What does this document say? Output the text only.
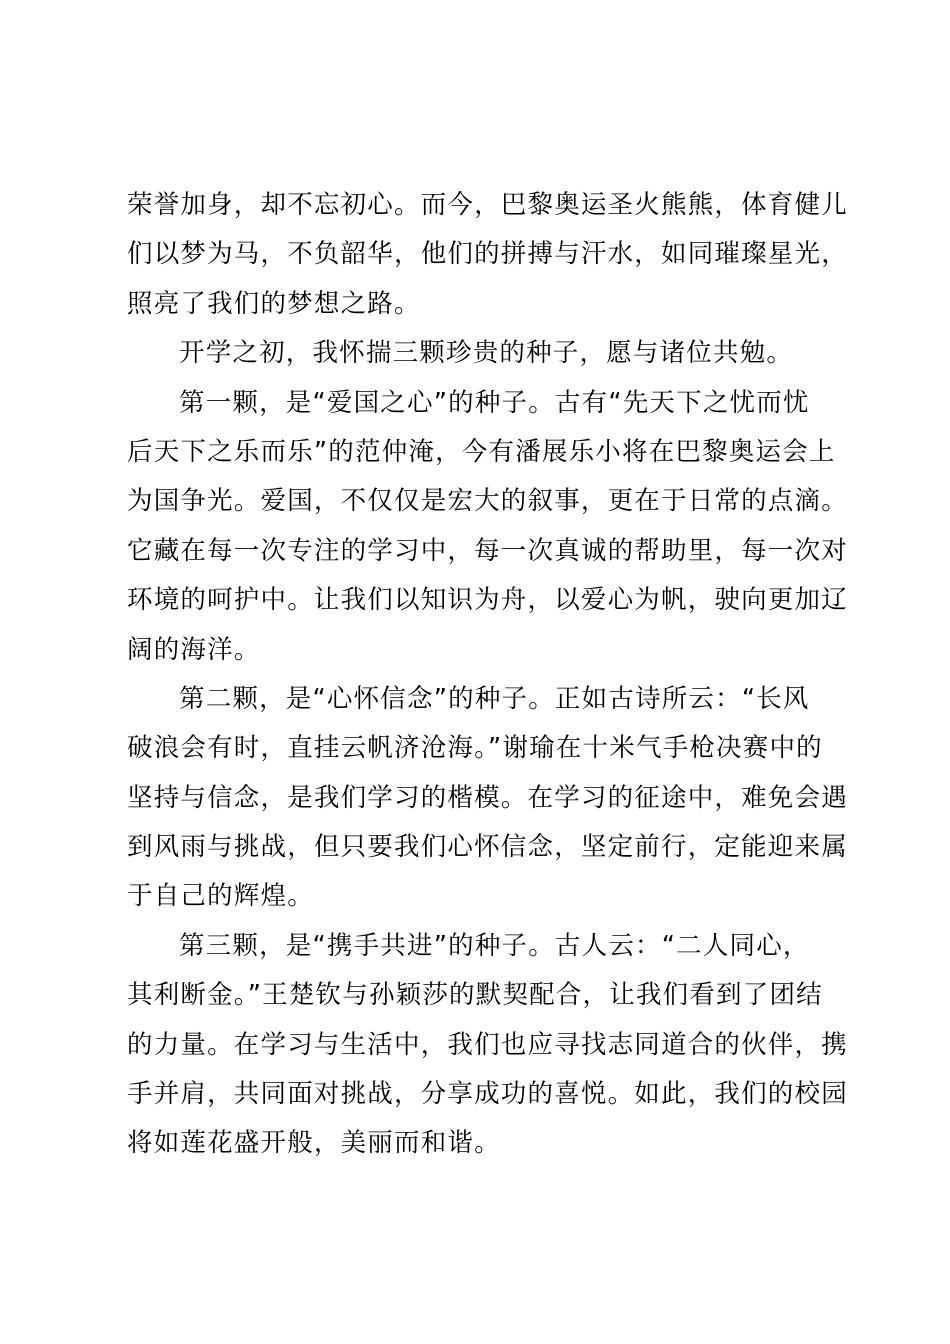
荣誉加身，却不忘初心。而今，巴黎奥运圣火熊熊，体育健儿
们以梦为马，不负韶华，他们的拼搏与汗水，如同璀璨星光，
照亮了我们的梦想之路。
开学之初，我怀揣三颗珍贵的种子，愿与诸位共勉。
第一颗，是“爱国之心”的种子。古有“先天下之忧而忧
后天下之乐而乐”的范仲淹，今有潘展乐小将在巴黎奥运会上
为国争光。爱国，不仅仅是宏大的叙事，更在于日常的点滴。
它藏在每一次专注的学习中，每一次真诚的帮助里，每一次对
环境的呵护中。让我们以知识为舟，以爱心为帆，驶向更加辽
阔的海洋。
第二颗，是“心怀信念”的种子。正如古诗所云：“长风
破浪会有时，直挂云帆济沧海。”谢瑜在十米气手枪决赛中的
坚持与信念，是我们学习的楷模。在学习的征途中，难免会遇
到风雨与挑战，但只要我们心怀信念，坚定前行，定能迎来属
于自己的辉煌。
第三颗，是“携手共进”的种子。古人云：“二人同心，
其利断金。”王楚钦与孙颖莎的默契配合，让我们看到了团结
的力量。在学习与生活中，我们也应寻找志同道合的伙伴，携
手并肩，共同面对挑战，分享成功的喜悦。如此，我们的校园
将如莲花盛开般，美丽而和谐。
